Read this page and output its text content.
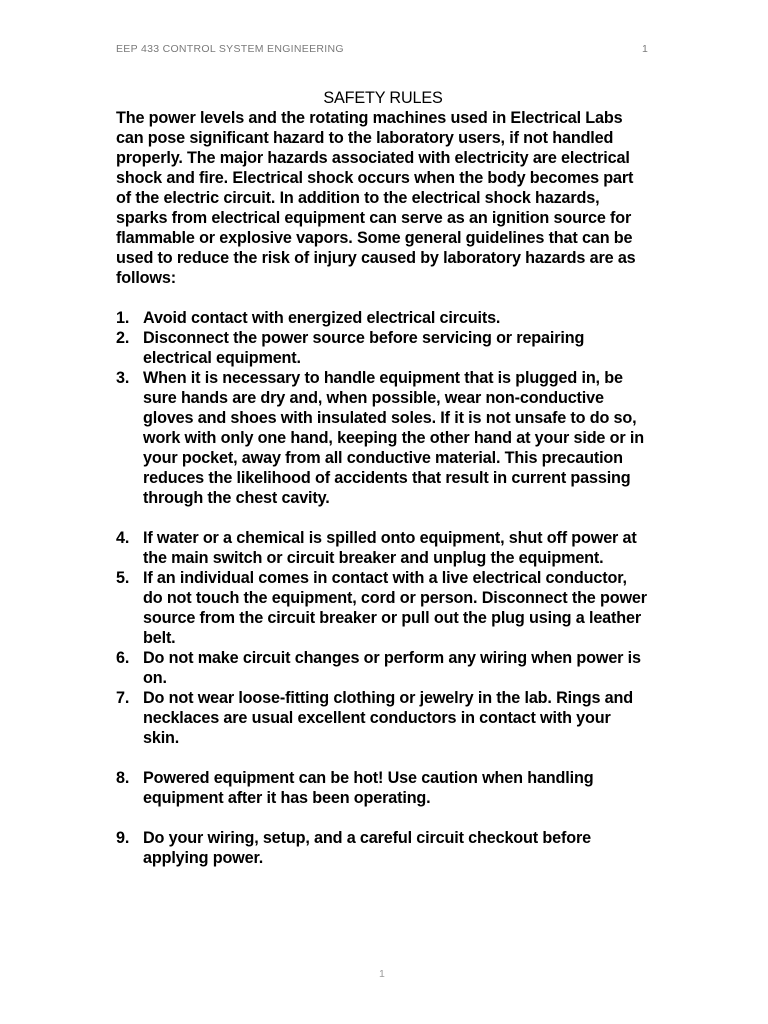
EEP 433 CONTROL SYSTEM ENGINEERING	1
SAFETY RULES

The power levels and the rotating machines used in Electrical Labs can pose significant hazard to the laboratory users, if not handled properly. The major hazards associated with electricity are electrical shock and fire. Electrical shock occurs when the body becomes part of the electric circuit. In addition to the electrical shock hazards, sparks from electrical equipment can serve as an ignition source for flammable or explosive vapors. Some general guidelines that can be used to reduce the risk of injury caused by laboratory hazards are as follows:

1. Avoid contact with energized electrical circuits.
2. Disconnect the power source before servicing or repairing electrical equipment.
3. When it is necessary to handle equipment that is plugged in, be sure hands are dry and, when possible, wear non-conductive gloves and shoes with insulated soles. If it is not unsafe to do so, work with only one hand, keeping the other hand at your side or in your pocket, away from all conductive material. This precaution reduces the likelihood of accidents that result in current passing through the chest cavity.
4. If water or a chemical is spilled onto equipment, shut off power at the main switch or circuit breaker and unplug the equipment.
5. If an individual comes in contact with a live electrical conductor, do not touch the equipment, cord or person. Disconnect the power source from the circuit breaker or pull out the plug using a leather belt.
6. Do not make circuit changes or perform any wiring when power is on.
7. Do not wear loose-fitting clothing or jewelry in the lab. Rings and necklaces are usual excellent conductors in contact with your skin.
8. Powered equipment can be hot! Use caution when handling equipment after it has been operating.
9. Do your wiring, setup, and a careful circuit checkout before applying power.
1
